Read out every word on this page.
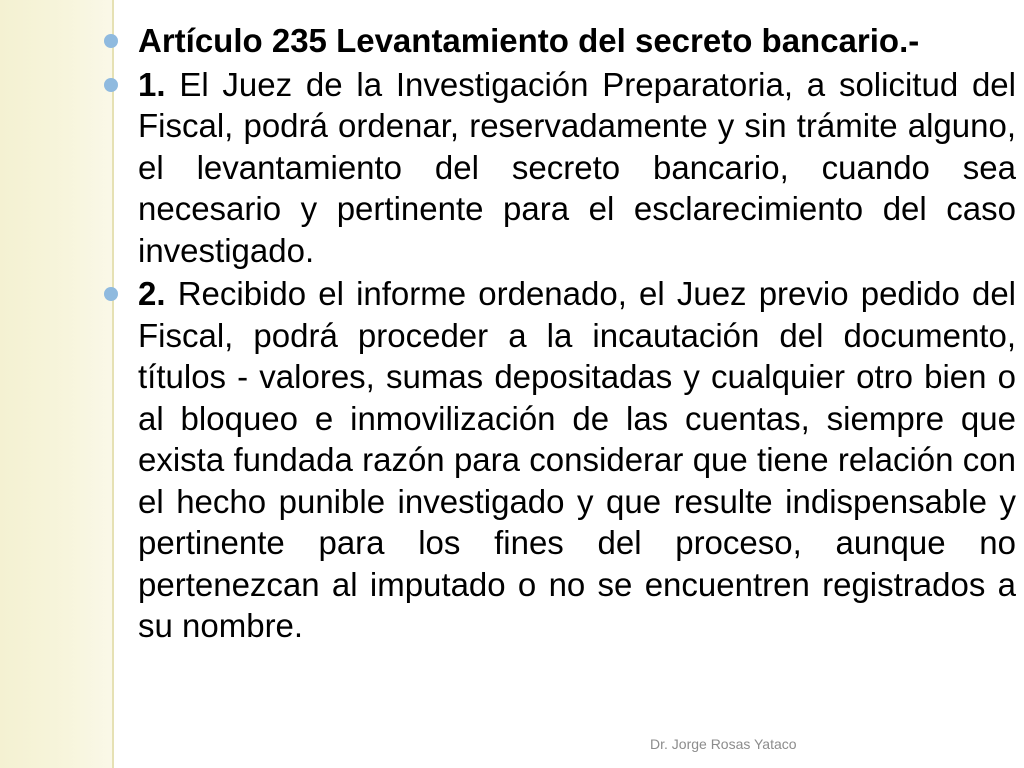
Artículo 235 Levantamiento del secreto bancario.-

1. El Juez de la Investigación Preparatoria, a solicitud del Fiscal, podrá ordenar, reservadamente y sin trámite alguno, el levantamiento del secreto bancario, cuando sea necesario y pertinente para el esclarecimiento del caso investigado.

2. Recibido el informe ordenado, el Juez previo pedido del Fiscal, podrá proceder a la incautación del documento, títulos - valores, sumas depositadas y cualquier otro bien o al bloqueo e inmovilización de las cuentas, siempre que exista fundada razón para considerar que tiene relación con el hecho punible investigado y que resulte indispensable y pertinente para los fines del proceso, aunque no pertenezcan al imputado o no se encuentren registrados a su nombre.

Dr. Jorge Rosas Yataco
